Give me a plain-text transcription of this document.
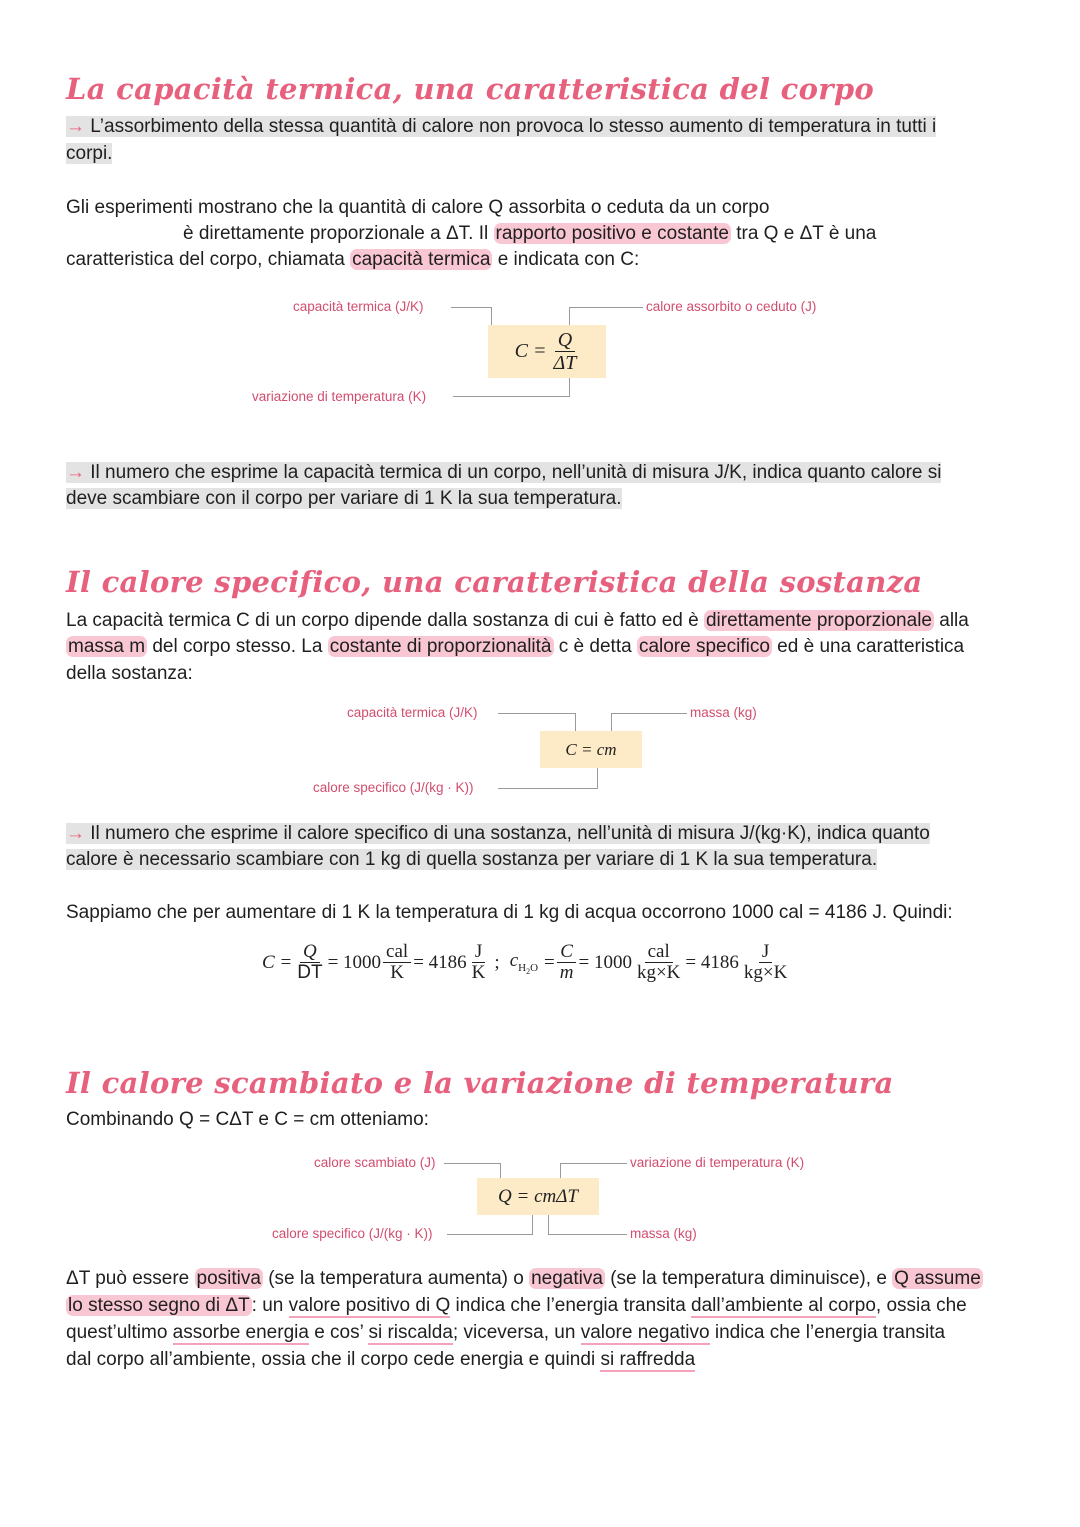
La capacità termica, una caratteristica del corpo
→ L’assorbimento della stessa quantità di calore non provoca lo stesso aumento di temperatura in tutti i
corpi.
Gli esperimenti mostrano che la quantità di calore Q assorbita o ceduta da un corpo
è direttamente proporzionale a ΔT. Il rapporto positivo e costante tra Q e ΔT è una
caratteristica del corpo, chiamata capacità termica e indicata con C:
capacità termica (J/K)	calore assorbito o ceduto (J)
variazione di temperatura (K)
$C = \frac{Q}{\Delta T}$
→ Il numero che esprime la capacità termica di un corpo, nell’unità di misura J/K, indica quanto calore si
deve scambiare con il corpo per variare di 1 K la sua temperatura.
Il calore specifico, una caratteristica della sostanza
La capacità termica C di un corpo dipende dalla sostanza di cui è fatto ed è direttamente proporzionale alla
massa m del corpo stesso. La costante di proporzionalità c è detta calore specifico ed è una caratteristica
della sostanza:
capacità termica (J/K)	massa (kg)
calore specifico (J/(kg · K))
C = cm
→ Il numero che esprime il calore specifico di una sostanza, nell’unità di misura J/(kg·K), indica quanto
calore è necessario scambiare con 1 kg di quella sostanza per variare di 1 K la sua temperatura.
Sappiamo che per aumentare di 1 K la temperatura di 1 kg di acqua occorrono 1000 cal = 4186 J. Quindi:
$C = \frac{Q}{DT} = 1000 \frac{\text{cal}}{K} = 4186 \frac{J}{K}$ ; $c_{H_2O} = \frac{C}{m} = 1000 \frac{\text{cal}}{kg\times K} = 4186 \frac{J}{kg\times K}$
Il calore scambiato e la variazione di temperatura
Combinando Q = CΔT e C = cm otteniamo:
calore scambiato (J)	variazione di temperatura (K)
calore specifico (J/(kg · K))	massa (kg)
Q = cmΔT
ΔT può essere positiva (se la temperatura aumenta) o negativa (se la temperatura diminuisce), e Q assume
lo stesso segno di ΔT : un valore positivo di Q indica che l’energia transita dall’ambiente al corpo, ossia che
quest’ultimo assorbe energia e cos’ si riscalda; viceversa, un valore negativo indica che l’energia transita
dal corpo all’ambiente, ossia che il corpo cede energia e quindi si raffredda
